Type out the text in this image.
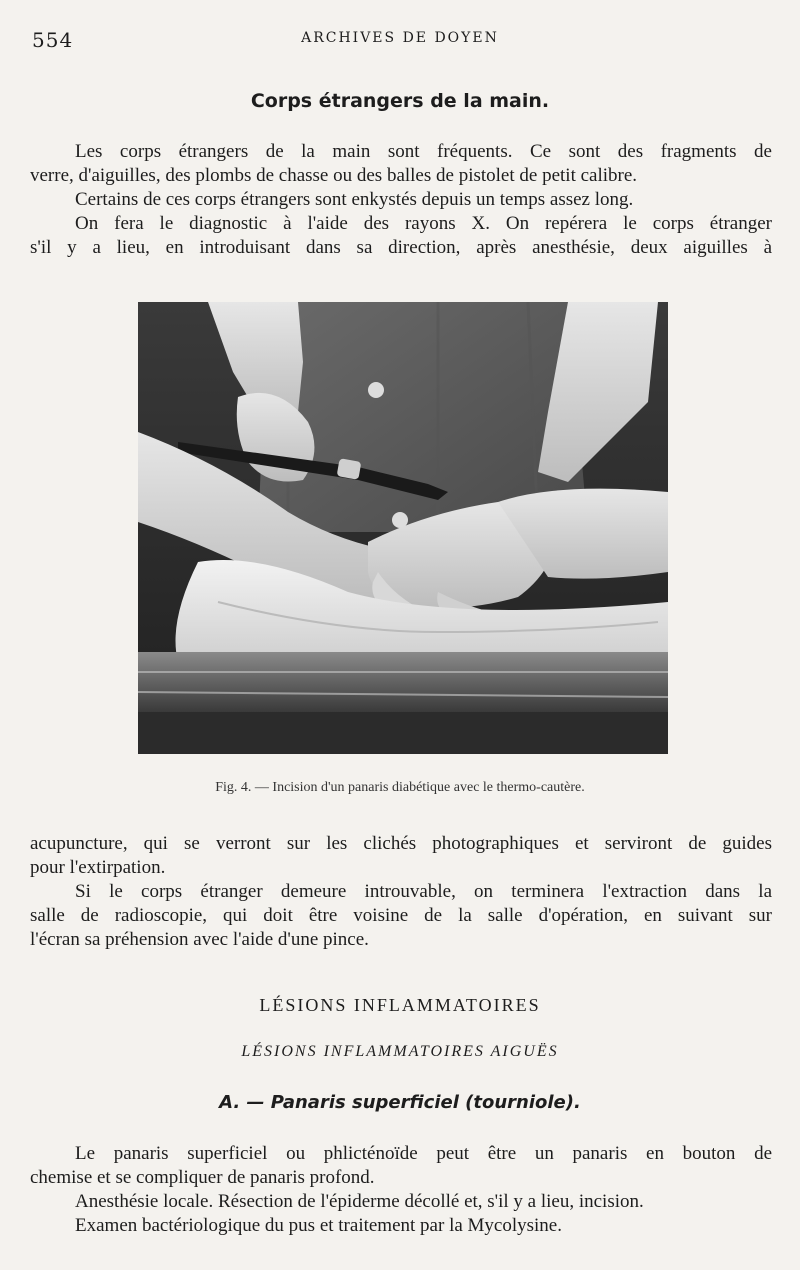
554	ARCHIVES DE DOYEN
Corps étrangers de la main.
Les corps étrangers de la main sont fréquents. Ce sont des fragments de
verre, d'aiguilles, des plombs de chasse ou des balles de pistolet de petit calibre.
Certains de ces corps étrangers sont enkystés depuis un temps assez long.
On fera le diagnostic à l'aide des rayons X. On repérera le corps étranger
s'il y a lieu, en introduisant dans sa direction, après anesthésie, deux aiguilles à
Fig. 4. — Incision d'un panaris diabétique avec le thermo-cautère.
acupuncture, qui se verront sur les clichés photographiques et serviront de guides
pour l'extirpation.
Si le corps étranger demeure introuvable, on terminera l'extraction dans la
salle de radioscopie, qui doit être voisine de la salle d'opération, en suivant sur
l'écran sa préhension avec l'aide d'une pince.
LÉSIONS INFLAMMATOIRES
LÉSIONS INFLAMMATOIRES AIGUËS
A. — Panaris superficiel (tourniole).
Le panaris superficiel ou phlicténoïde peut être un panaris en bouton de
chemise et se compliquer de panaris profond.
Anesthésie locale. Résection de l'épiderme décollé et, s'il y a lieu, incision.
Examen bactériologique du pus et traitement par la Mycolysine.
